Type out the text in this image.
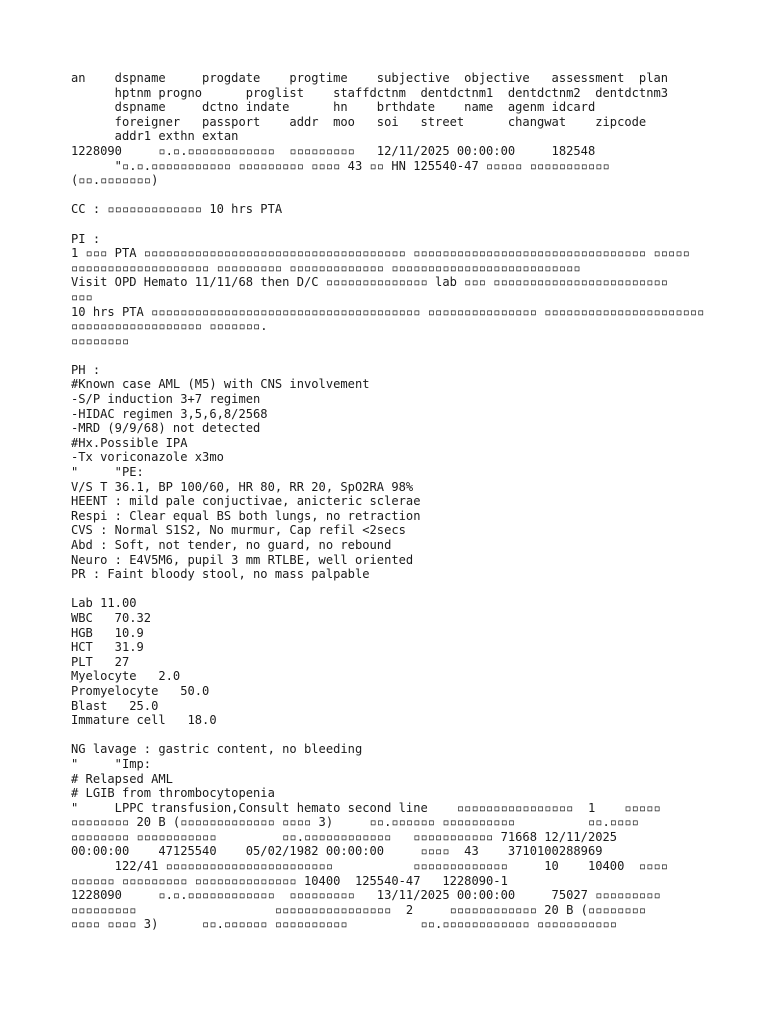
an    dspname     progdate    progtime    subjective  objective   assessment  plan
hptnm progno      proglist    staffdctnm  dentdctnm1  dentdctnm2  dentdctnm3
dspname     dctno indate      hn    brthdate    name  agenm idcard
foreigner   passport    addr  moo   soi   street      changwat    zipcode
addr1 exthn extan
1228090     ▫.▫.▫▫▫▫▫▫▫▫▫▫▫▫  ▫▫▫▫▫▫▫▫▫   12/11/2025 00:00:00     182548
"▫.▫.▫▫▫▫▫▫▫▫▫▫▫ ▫▫▫▫▫▫▫▫▫ ▫▫▫▫ 43 ▫▫ HN 125540-47 ▫▫▫▫▫ ▫▫▫▫▫▫▫▫▫▫▫
(▫▫.▫▫▫▫▫▫▫)
CC : ▫▫▫▫▫▫▫▫▫▫▫▫▫ 10 hrs PTA
PI :
1 ▫▫▫ PTA ▫▫▫▫▫▫▫▫▫▫▫▫▫▫▫▫▫▫▫▫▫▫▫▫▫▫▫▫▫▫▫▫▫▫▫▫ ▫▫▫▫▫▫▫▫▫▫▫▫▫▫▫▫▫▫▫▫▫▫▫▫▫▫▫▫▫▫▫▫ ▫▫▫▫▫
▫▫▫▫▫▫▫▫▫▫▫▫▫▫▫▫▫▫▫ ▫▫▫▫▫▫▫▫▫ ▫▫▫▫▫▫▫▫▫▫▫▫▫ ▫▫▫▫▫▫▫▫▫▫▫▫▫▫▫▫▫▫▫▫▫▫▫▫▫▫
Visit OPD Hemato 11/11/68 then D/C ▫▫▫▫▫▫▫▫▫▫▫▫▫▫ lab ▫▫▫ ▫▫▫▫▫▫▫▫▫▫▫▫▫▫▫▫▫▫▫▫▫▫▫▫
▫▫▫
10 hrs PTA ▫▫▫▫▫▫▫▫▫▫▫▫▫▫▫▫▫▫▫▫▫▫▫▫▫▫▫▫▫▫▫▫▫▫▫▫▫ ▫▫▫▫▫▫▫▫▫▫▫▫▫▫▫ ▫▫▫▫▫▫▫▫▫▫▫▫▫▫▫▫▫▫▫▫▫▫
▫▫▫▫▫▫▫▫▫▫▫▫▫▫▫▫▫▫ ▫▫▫▫▫▫▫.
▫▫▫▫▫▫▫▫
PH :
#Known case AML (M5) with CNS involvement
-S/P induction 3+7 regimen
-HIDAC regimen 3,5,6,8/2568
-MRD (9/9/68) not detected
#Hx.Possible IPA
-Tx voriconazole x3mo
"     "PE:
V/S T 36.1, BP 100/60, HR 80, RR 20, SpO2RA 98%
HEENT : mild pale conjuctivae, anicteric sclerae
Respi : Clear equal BS both lungs, no retraction
CVS : Normal S1S2, No murmur, Cap refil <2secs
Abd : Soft, not tender, no guard, no rebound
Neuro : E4V5M6, pupil 3 mm RTLBE, well oriented
PR : Faint bloody stool, no mass palpable
Lab 11.00
WBC   70.32
HGB   10.9
HCT   31.9
PLT   27
Myelocyte   2.0
Promyelocyte   50.0
Blast   25.0
Immature cell   18.0
NG lavage : gastric content, no bleeding
"     "Imp:
# Relapsed AML
# LGIB from thrombocytopenia
"     LPPC transfusion,Consult hemato second line    ▫▫▫▫▫▫▫▫▫▫▫▫▫▫▫▫  1    ▫▫▫▫▫
▫▫▫▫▫▫▫▫ 20 B (▫▫▫▫▫▫▫▫▫▫▫▫▫ ▫▫▫▫ 3)     ▫▫.▫▫▫▫▫▫ ▫▫▫▫▫▫▫▫▫▫          ▫▫.▫▫▫▫
▫▫▫▫▫▫▫▫ ▫▫▫▫▫▫▫▫▫▫▫         ▫▫.▫▫▫▫▫▫▫▫▫▫▫▫   ▫▫▫▫▫▫▫▫▫▫▫ 71668 12/11/2025
00:00:00    47125540    05/02/1982 00:00:00     ▫▫▫▫  43    3710100288969
122/41 ▫▫▫▫▫▫▫▫▫▫▫▫▫▫▫▫▫▫▫▫▫▫▫           ▫▫▫▫▫▫▫▫▫▫▫▫▫     10    10400  ▫▫▫▫
▫▫▫▫▫▫ ▫▫▫▫▫▫▫▫▫ ▫▫▫▫▫▫▫▫▫▫▫▫▫▫ 10400  125540-47   1228090-1
1228090     ▫.▫.▫▫▫▫▫▫▫▫▫▫▫▫  ▫▫▫▫▫▫▫▫▫   13/11/2025 00:00:00     75027 ▫▫▫▫▫▫▫▫▫
▫▫▫▫▫▫▫▫▫                   ▫▫▫▫▫▫▫▫▫▫▫▫▫▫▫▫  2     ▫▫▫▫▫▫▫▫▫▫▫▫ 20 B (▫▫▫▫▫▫▫▫
▫▫▫▫ ▫▫▫▫ 3)      ▫▫.▫▫▫▫▫▫ ▫▫▫▫▫▫▫▫▫▫          ▫▫.▫▫▫▫▫▫▫▫▫▫▫▫ ▫▫▫▫▫▫▫▫▫▫▫
